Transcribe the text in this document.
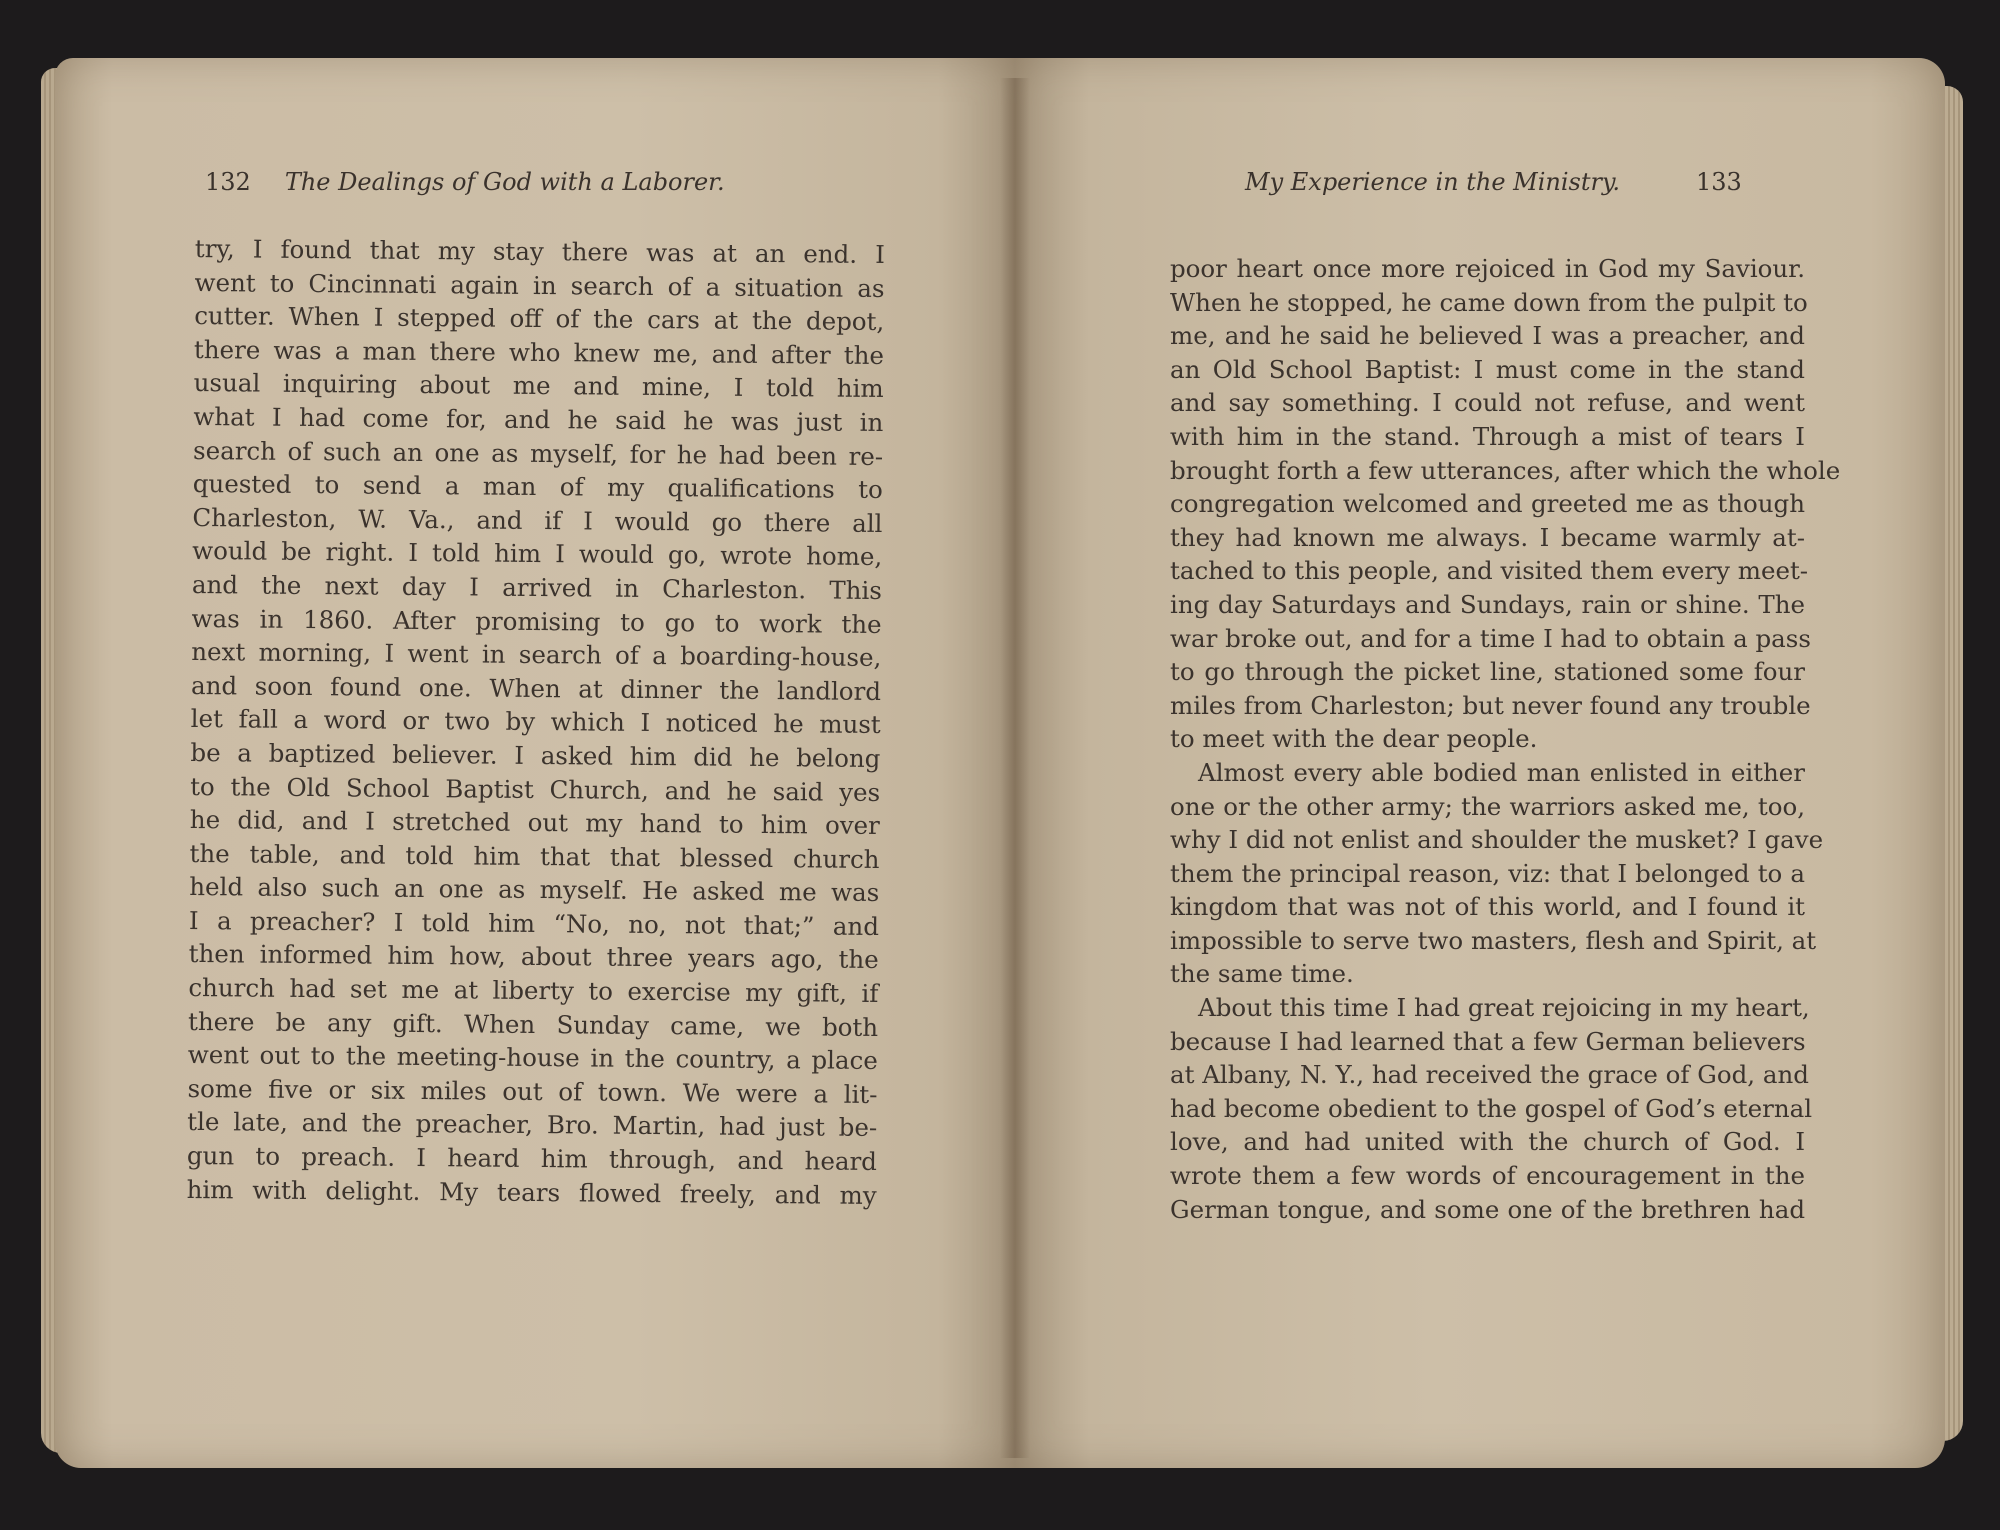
132 The Dealings of God with a Laborer.	My Experience in the Ministry.	133
try, I found that my stay there was at an end. I
went to Cincinnati again in search of a situation as
cutter. When I stepped off of the cars at the depot,
there was a man there who knew me, and after the
usual inquiring about me and mine, I told him
what I had come for, and he said he was just in
search of such an one as myself, for he had been re-
quested to send a man of my qualifications to
Charleston, W. Va., and if I would go there all
would be right. I told him I would go, wrote home,
and the next day I arrived in Charleston. This
was in 1860. After promising to go to work the
next morning, I went in search of a boarding-house,
and soon found one. When at dinner the landlord
let fall a word or two by which I noticed he must
be a baptized believer. I asked him did he belong
to the Old School Baptist Church, and he said yes
he did, and I stretched out my hand to him over
the table, and told him that that blessed church
held also such an one as myself. He asked me was
I a preacher? I told him “No, no, not that;” and
then informed him how, about three years ago, the
church had set me at liberty to exercise my gift, if
there be any gift. When Sunday came, we both
went out to the meeting-house in the country, a place
some five or six miles out of town. We were a lit-
tle late, and the preacher, Bro. Martin, had just be-
gun to preach. I heard him through, and heard
him with delight. My tears flowed freely, and my
poor heart once more rejoiced in God my Saviour.
When he stopped, he came down from the pulpit to
me, and he said he believed I was a preacher, and
an Old School Baptist: I must come in the stand
and say something. I could not refuse, and went
with him in the stand. Through a mist of tears I
brought forth a few utterances, after which the whole
congregation welcomed and greeted me as though
they had known me always. I became warmly at-
tached to this people, and visited them every meet-
ing day Saturdays and Sundays, rain or shine. The
war broke out, and for a time I had to obtain a pass
to go through the picket line, stationed some four
miles from Charleston; but never found any trouble
to meet with the dear people.
Almost every able bodied man enlisted in either
one or the other army; the warriors asked me, too,
why I did not enlist and shoulder the musket? I gave
them the principal reason, viz: that I belonged to a
kingdom that was not of this world, and I found it
impossible to serve two masters, flesh and Spirit, at
the same time.
About this time I had great rejoicing in my heart,
because I had learned that a few German believers
at Albany, N. Y., had received the grace of God, and
had become obedient to the gospel of God’s eternal
love, and had united with the church of God. I
wrote them a few words of encouragement in the
German tongue, and some one of the brethren had
